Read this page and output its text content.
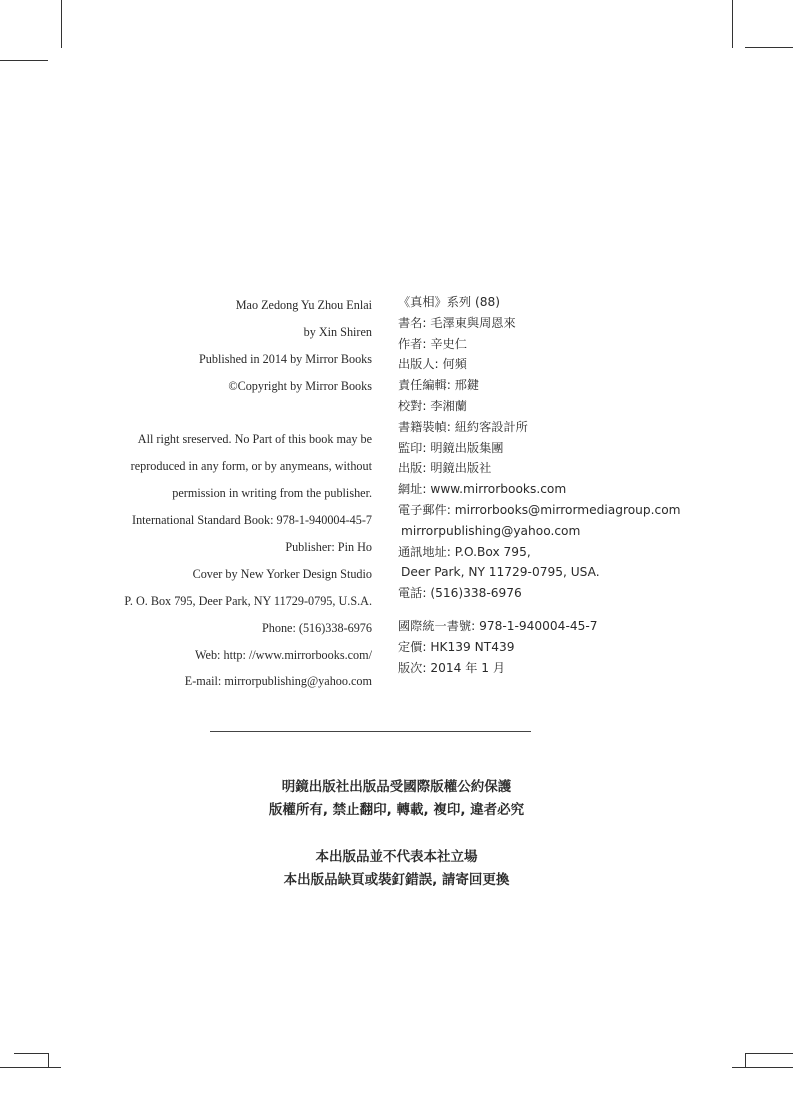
Mao Zedong Yu Zhou Enlai
by Xin Shiren
Published in 2014 by Mirror Books
©Copyright by Mirror Books
All right sreserved. No Part of this book may be
reproduced in any form, or by anymeans, without
permission in writing from the publisher.
International Standard Book: 978-1-940004-45-7
Publisher: Pin Ho
Cover by New Yorker Design Studio
P. O. Box 795, Deer Park, NY 11729-0795, U.S.A.
Phone: (516)338-6976
Web: http: //www.mirrorbooks.com/
E-mail: mirrorpublishing@yahoo.com
《真相》系列 (88)
書名: 毛澤東與周恩來
作者: 辛史仁
出版人: 何頻
責任編輯: 邢鍵
校對: 李湘蘭
書籍裝幀: 紐約客設計所
監印: 明鏡出版集團
出版: 明鏡出版社
網址: www.mirrorbooks.com
電子郵件: mirrorbooks@mirrormediagroup.com
mirrorpublishing@yahoo.com
通訊地址: P.O.Box 795,
Deer Park, NY 11729-0795, USA.
電話: (516)338-6976
國際統一書號: 978-1-940004-45-7
定價: HK139 NT439
版次: 2014 年 1 月
明鏡出版社出版品受國際版權公約保護
版權所有, 禁止翻印, 轉載, 複印, 違者必究
本出版品並不代表本社立場
本出版品缺頁或裝釘錯誤, 請寄回更換
